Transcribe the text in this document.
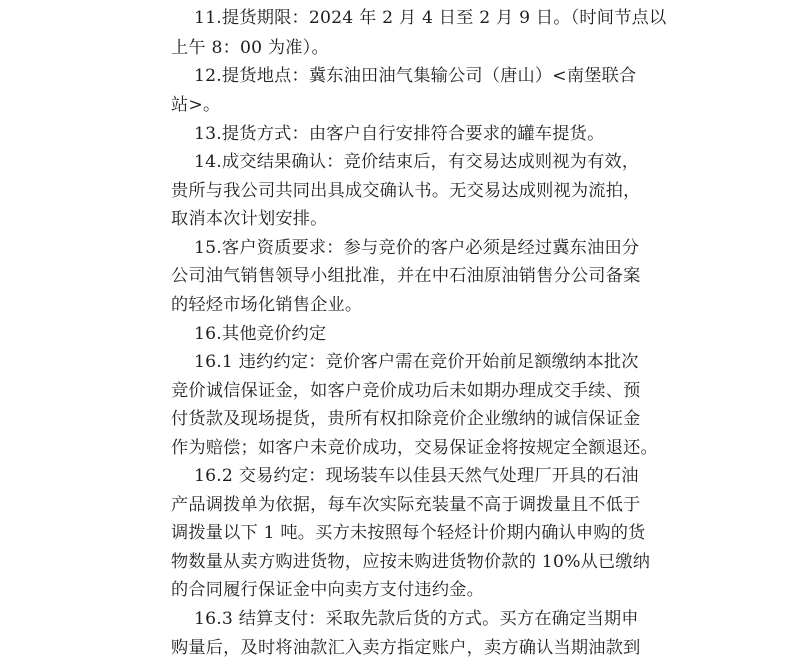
11.提货期限：2024 年 2 月 4 日至 2 月 9 日。（时间节点以
上午 8：00 为准）。
12.提货地点：冀东油田油气集输公司（唐山）<南堡联合
站>。
13.提货方式：由客户自行安排符合要求的罐车提货。
14.成交结果确认：竞价结束后，有交易达成则视为有效，
贵所与我公司共同出具成交确认书。无交易达成则视为流拍，
取消本次计划安排。
15.客户资质要求：参与竞价的客户必须是经过冀东油田分
公司油气销售领导小组批准，并在中石油原油销售分公司备案
的轻烃市场化销售企业。
16.其他竞价约定
16.1 违约约定：竞价客户需在竞价开始前足额缴纳本批次
竞价诚信保证金，如客户竞价成功后未如期办理成交手续、预
付货款及现场提货，贵所有权扣除竞价企业缴纳的诚信保证金
作为赔偿；如客户未竞价成功，交易保证金将按规定全额退还。
16.2 交易约定：现场装车以佳县天然气处理厂开具的石油
产品调拨单为依据，每车次实际充装量不高于调拨量且不低于
调拨量以下 1 吨。买方未按照每个轻烃计价期内确认申购的货
物数量从卖方购进货物，应按未购进货物价款的 10%从已缴纳
的合同履行保证金中向卖方支付违约金。
16.3 结算支付：采取先款后货的方式。买方在确定当期申
购量后，及时将油款汇入卖方指定账户，卖方确认当期油款到
